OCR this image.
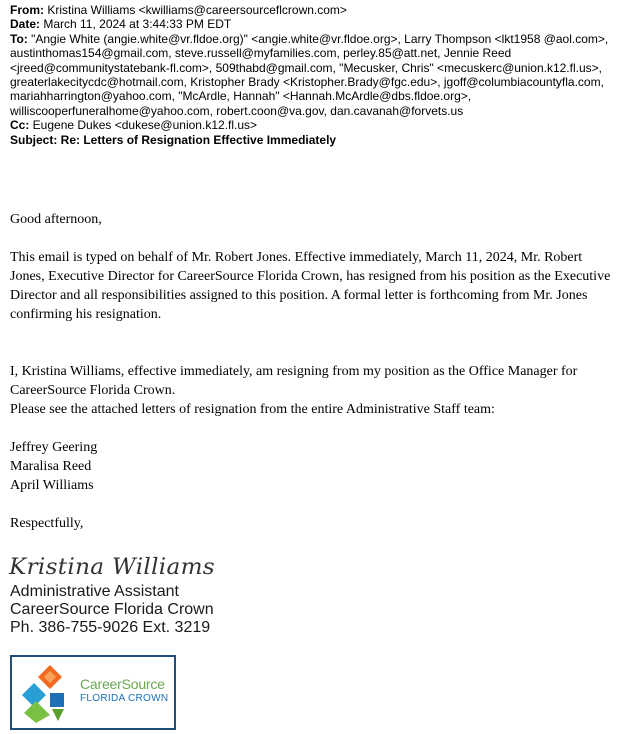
From: Kristina Williams <kwilliams@careersourceflcrown.com>

Date: March 11, 2024 at 3:44:33 PM EDT

To: "Angie White (angie.white@vr.fldoe.org)" <angie.white@vr.fldoe.org>, Larry Thompson <lkt1958 @aol.com>, austinthomas154@gmail.com, steve.russell@myfamilies.com, perley.85@att.net, Jennie Reed <jreed@communitystatebank-fl.com>, 509thabd@gmail.com, "Mecusker, Chris" <mecuskerc@union.k12.fl.us>, greaterlakecitycdc@hotmail.com, Kristopher Brady <Kristopher.Brady@fgc.edu>, jgoff@columbiacountyfla.com, mariahharrington@yahoo.com, "McArdle, Hannah" <Hannah.McArdle@dbs.fldoe.org>, williscooperfuneralhome@yahoo.com, robert.coon@va.gov, dan.cavanah@forvets.us

Cc: Eugene Dukes <dukese@union.k12.fl.us>

Subject: Re: Letters of Resignation Effective Immediately

Good afternoon,

This email is typed on behalf of Mr. Robert Jones. Effective immediately, March 11, 2024, Mr. Robert Jones, Executive Director for CareerSource Florida Crown, has resigned from his position as the Executive Director and all responsibilities assigned to this position. A formal letter is forthcoming from Mr. Jones confirming his resignation.

I, Kristina Williams, effective immediately, am resigning from my position as the Office Manager for CareerSource Florida Crown.

Please see the attached letters of resignation from the entire Administrative Staff team:

Jeffrey Geering

Maralisa Reed

April Williams

Respectfully,

Kristina Williams
Administrative Assistant
CareerSource Florida Crown
Ph. 386-755-9026 Ext. 3219
CareerSource
FLORIDA CROWN
